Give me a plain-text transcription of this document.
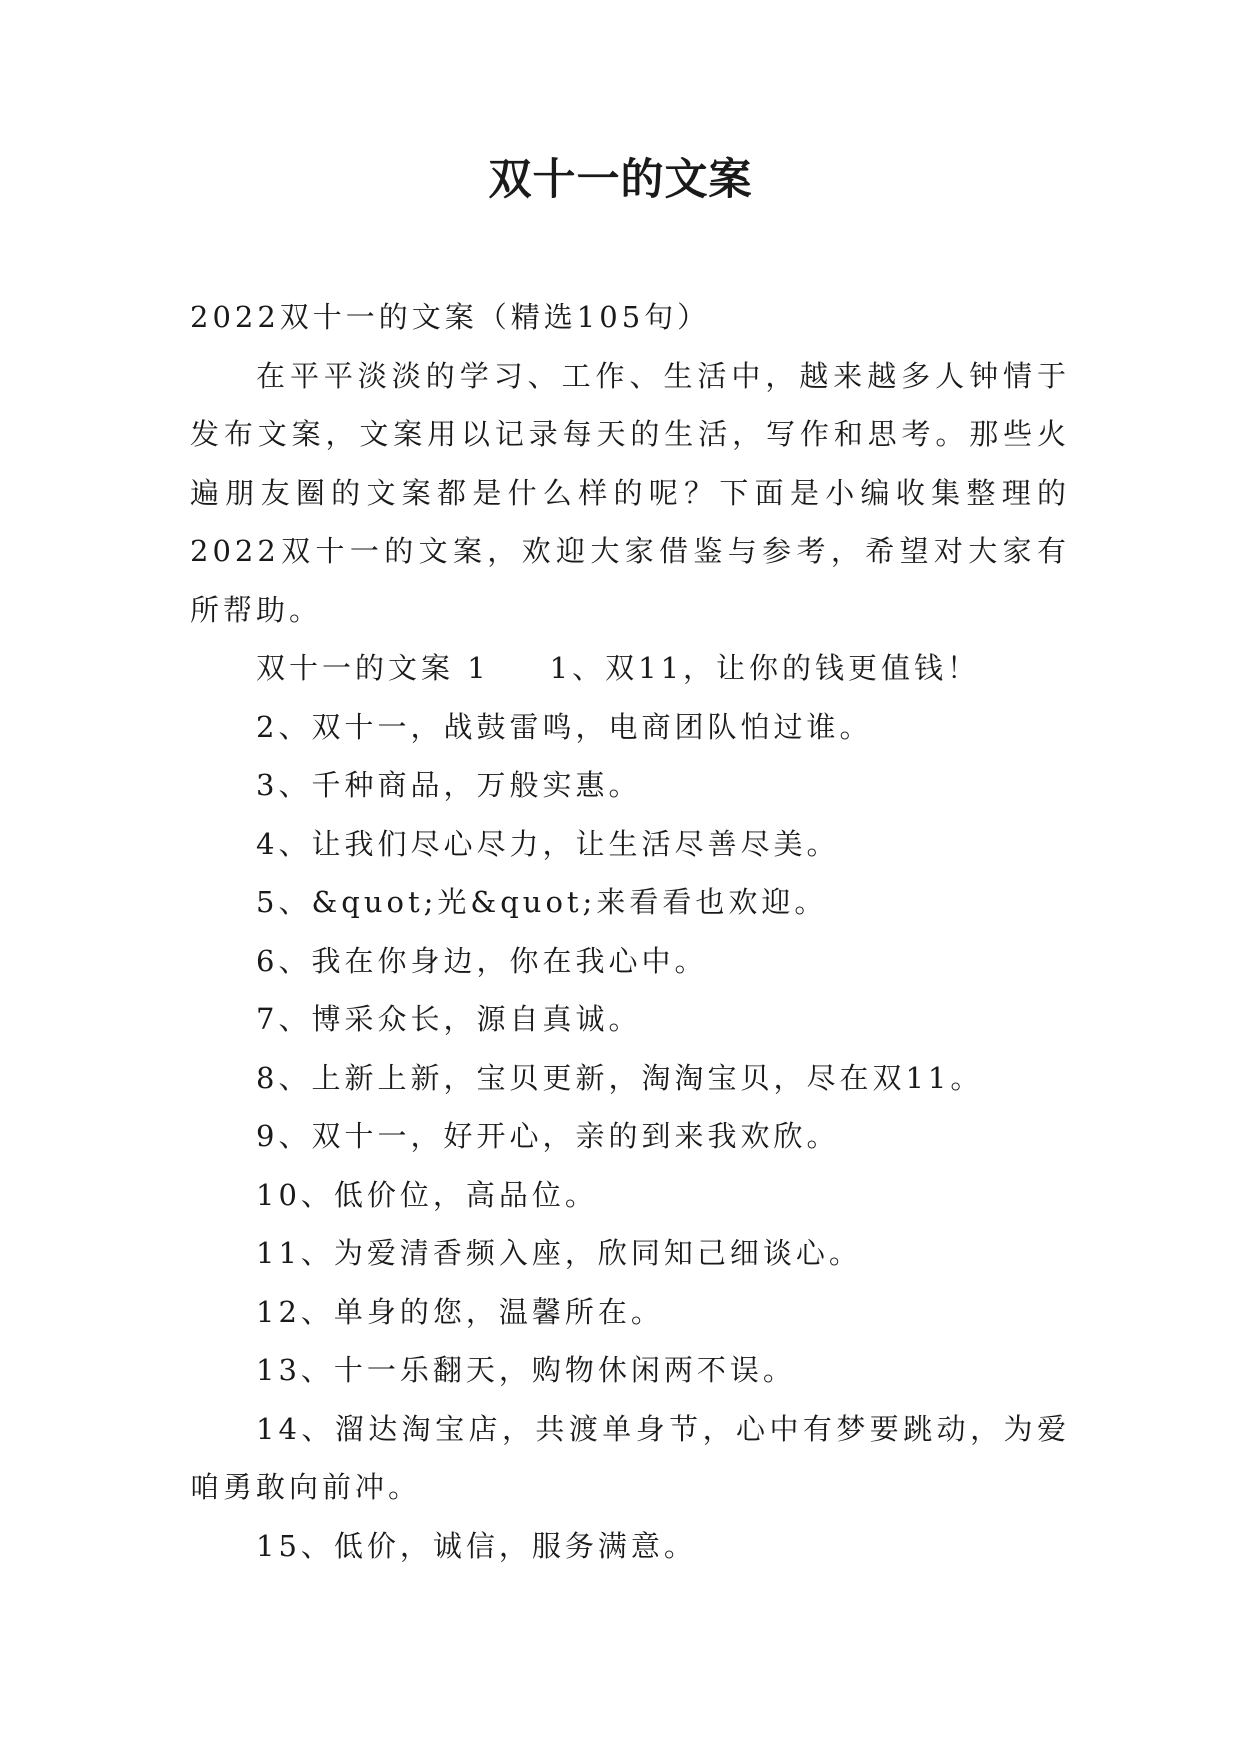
双十一的文案

2022双十一的文案（精选105句）

在平平淡淡的学习、工作、生活中，越来越多人钟情于发布文案，文案用以记录每天的生活，写作和思考。那些火遍朋友圈的文案都是什么样的呢？下面是小编收集整理的2022双十一的文案，欢迎大家借鉴与参考，希望对大家有所帮助。

双十一的文案 1 1、双11，让你的钱更值钱！

2、双十一，战鼓雷鸣，电商团队怕过谁。

3、千种商品，万般实惠。

4、让我们尽心尽力，让生活尽善尽美。

5、&quot;光&quot;来看看也欢迎。

6、我在你身边，你在我心中。

7、博采众长，源自真诚。

8、上新上新，宝贝更新，淘淘宝贝，尽在双11。

9、双十一，好开心，亲的到来我欢欣。

10、低价位，高品位。

11、为爱清香频入座，欣同知己细谈心。

12、单身的您，温馨所在。

13、十一乐翻天，购物休闲两不误。

14、溜达淘宝店，共渡单身节，心中有梦要跳动，为爱咱勇敢向前冲。

15、低价，诚信，服务满意。
